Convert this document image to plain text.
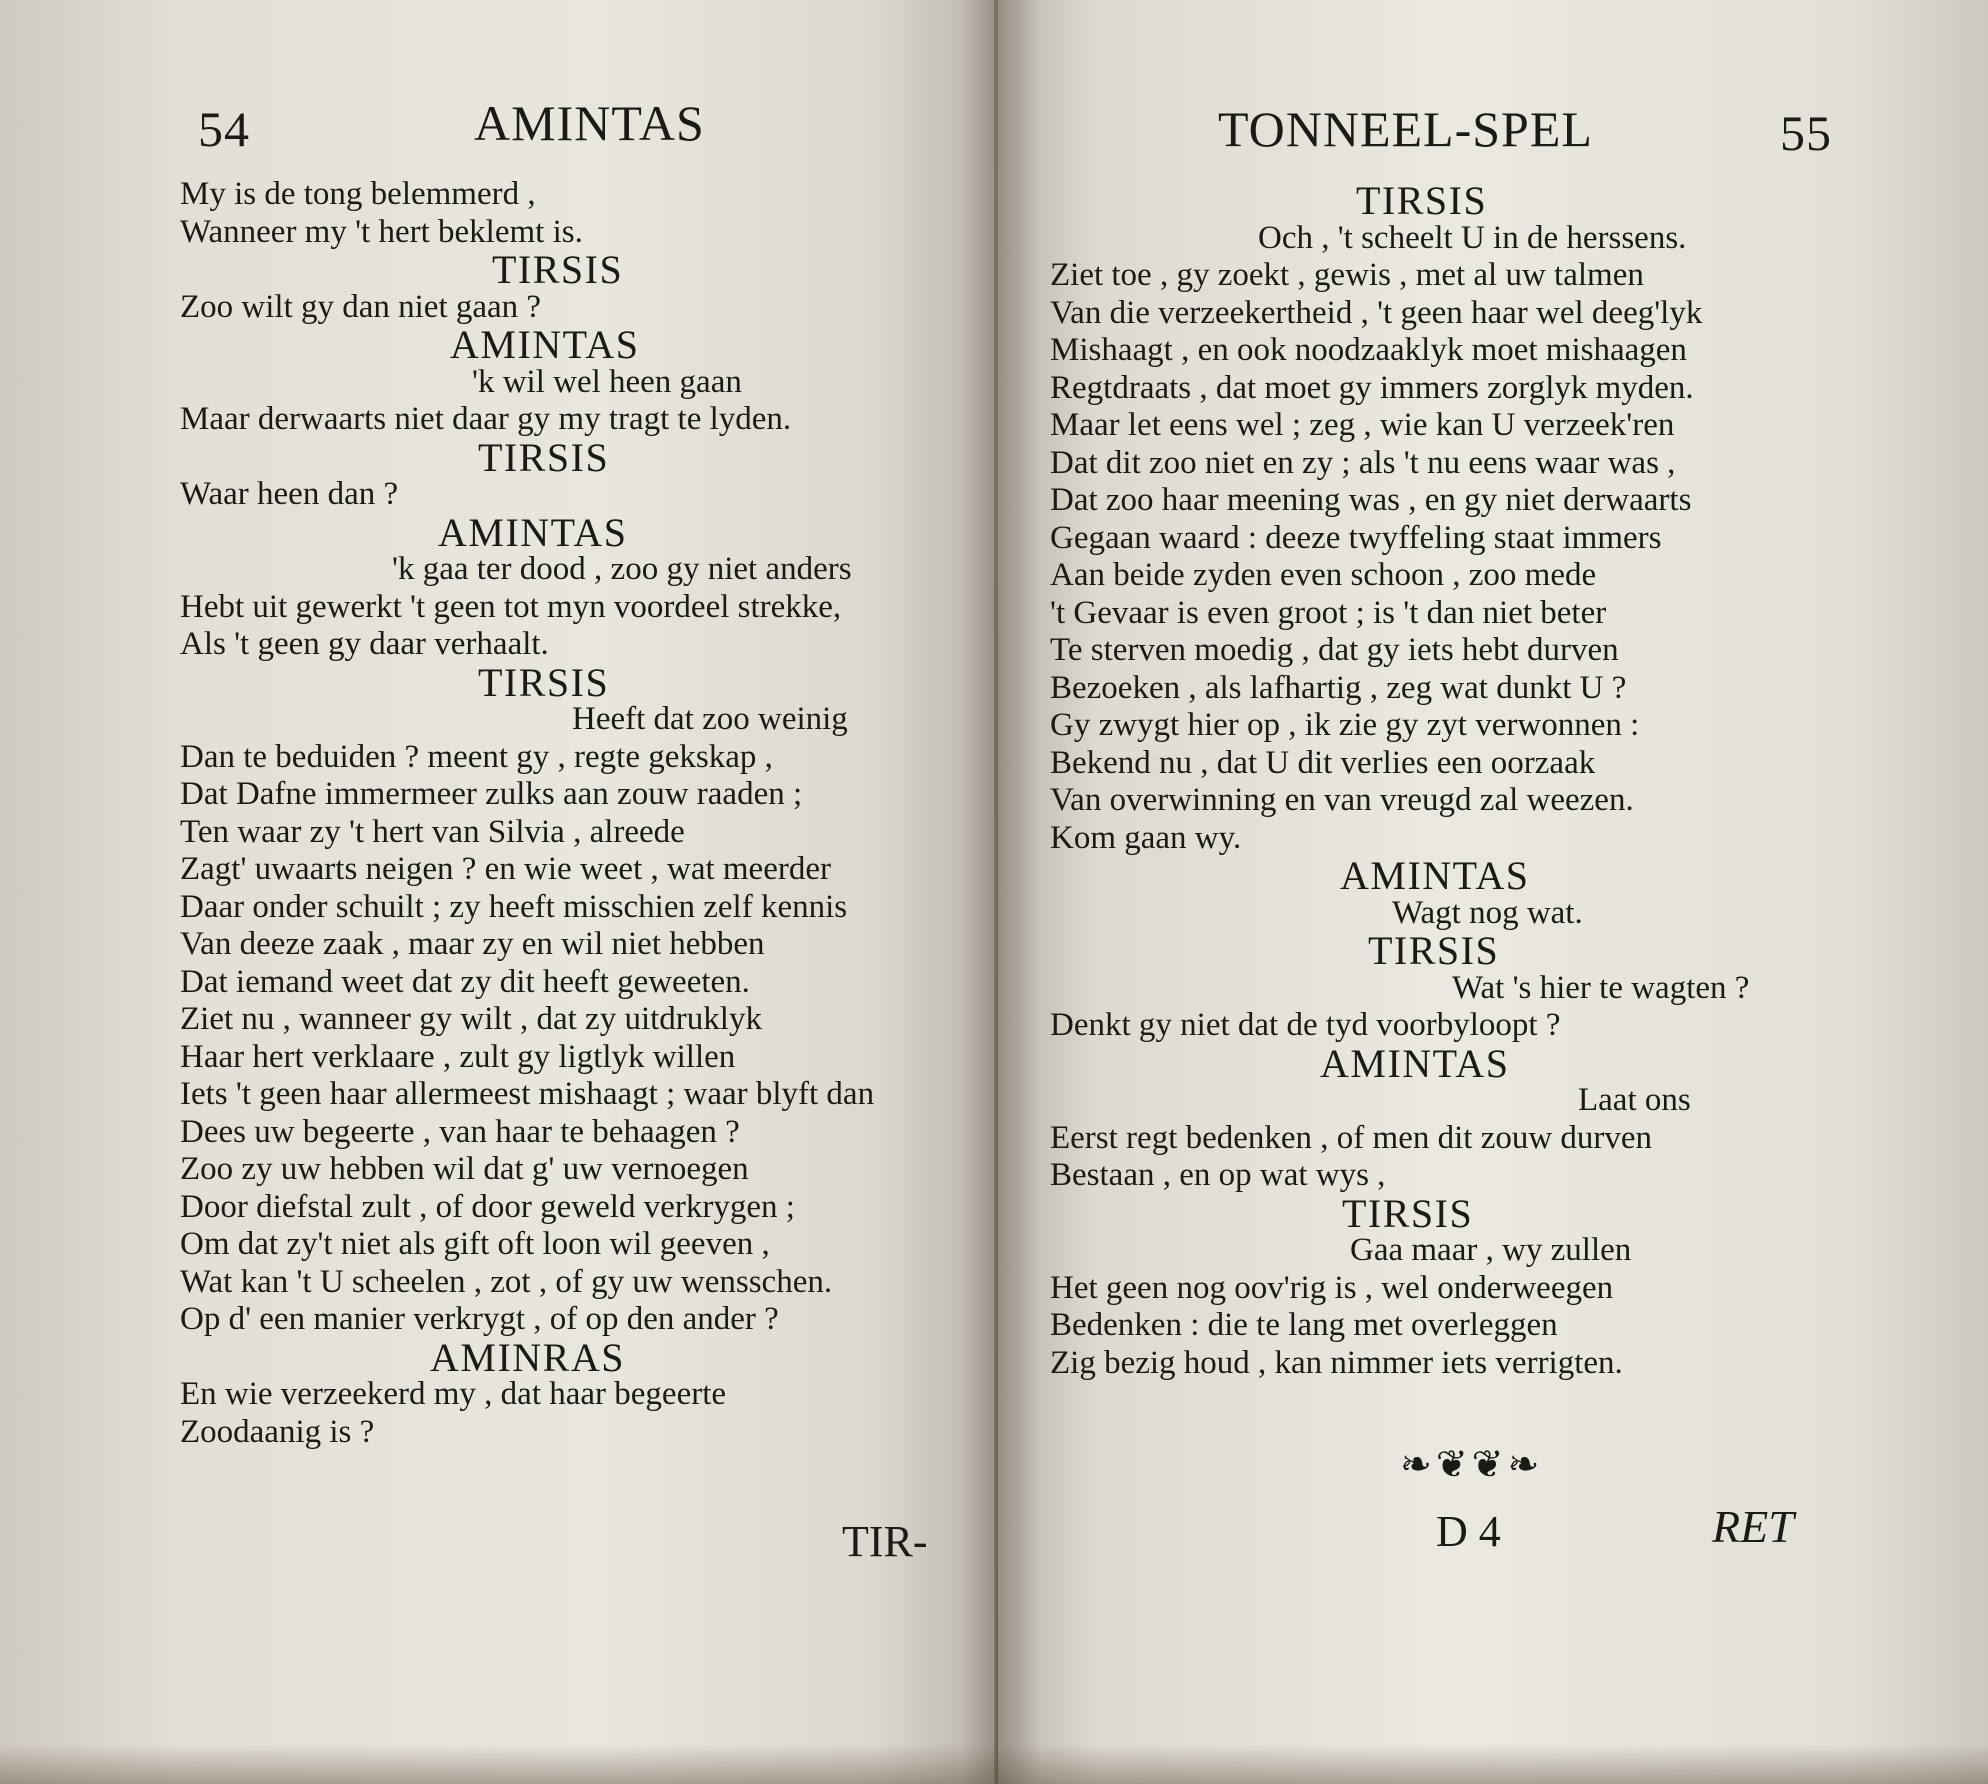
54	AMINTAS
My is de tong belemmerd ,
Wanneer my 't hert beklemt is.
TIRSIS
Zoo wilt gy dan niet gaan ?
AMINTAS
'k wil wel heen gaan
Maar derwaarts niet daar gy my tragt te lyden.
TIRSIS
Waar heen dan ?
AMINTAS
'k gaa ter dood , zoo gy niet anders
Hebt uit gewerkt 't geen tot myn voordeel strekke,
Als 't geen gy daar verhaalt.
TIRSIS
Heeft dat zoo weinig
Dan te beduiden ? meent gy , regte gekskap ,
Dat Dafne immermeer zulks aan zouw raaden ;
Ten waar zy 't hert van Silvia , alreede
Zagt' uwaarts neigen ? en wie weet , wat meerder
Daar onder schuilt ; zy heeft misschien zelf kennis
Van deeze zaak , maar zy en wil niet hebben
Dat iemand weet dat zy dit heeft geweeten.
Ziet nu , wanneer gy wilt , dat zy uitdruklyk
Haar hert verklaare , zult gy ligtlyk willen
Iets 't geen haar allermeest mishaagt ; waar blyft dan
Dees uw begeerte , van haar te behaagen ?
Zoo zy uw hebben wil dat g' uw vernoegen
Door diefstal zult , of door geweld verkrygen ;
Om dat zy't niet als gift oft loon wil geeven ,
Wat kan 't U scheelen , zot , of gy uw wensschen.
Op d' een manier verkrygt , of op den ander ?
AMINRAS
En wie verzeekerd my , dat haar begeerte
Zoodaanig is ?
TIR-
TONNEEL-SPEL	55
TIRSIS
Och , 't scheelt U in de herssens.
Ziet toe , gy zoekt , gewis , met al uw talmen
Van die verzeekertheid , 't geen haar wel deeg'lyk
Mishaagt , en ook noodzaaklyk moet mishaagen
Regtdraats , dat moet gy immers zorglyk myden.
Maar let eens wel ; zeg , wie kan U verzeek'ren
Dat dit zoo niet en zy ; als 't nu eens waar was ,
Dat zoo haar meening was , en gy niet derwaarts
Gegaan waard : deeze twyffeling staat immers
Aan beide zyden even schoon , zoo mede
't Gevaar is even groot ; is 't dan niet beter
Te sterven moedig , dat gy iets hebt durven
Bezoeken , als lafhartig , zeg wat dunkt U ?
Gy zwygt hier op , ik zie gy zyt verwonnen :
Bekend nu , dat U dit verlies een oorzaak
Van overwinning en van vreugd zal weezen.
Kom gaan wy.
AMINTAS
Wagt nog wat.
TIRSIS
Wat 's hier te wagten ?
Denkt gy niet dat de tyd voorbyloopt ?
AMINTAS
Laat ons
Eerst regt bedenken , of men dit zouw durven
Bestaan , en op wat wys ,
TIRSIS
Gaa maar , wy zullen
Het geen nog oov'rig is , wel onderweegen
Bedenken : die te lang met overleggen
Zig bezig houd , kan nimmer iets verrigten.
❧❦❦❧
D 4	RET
